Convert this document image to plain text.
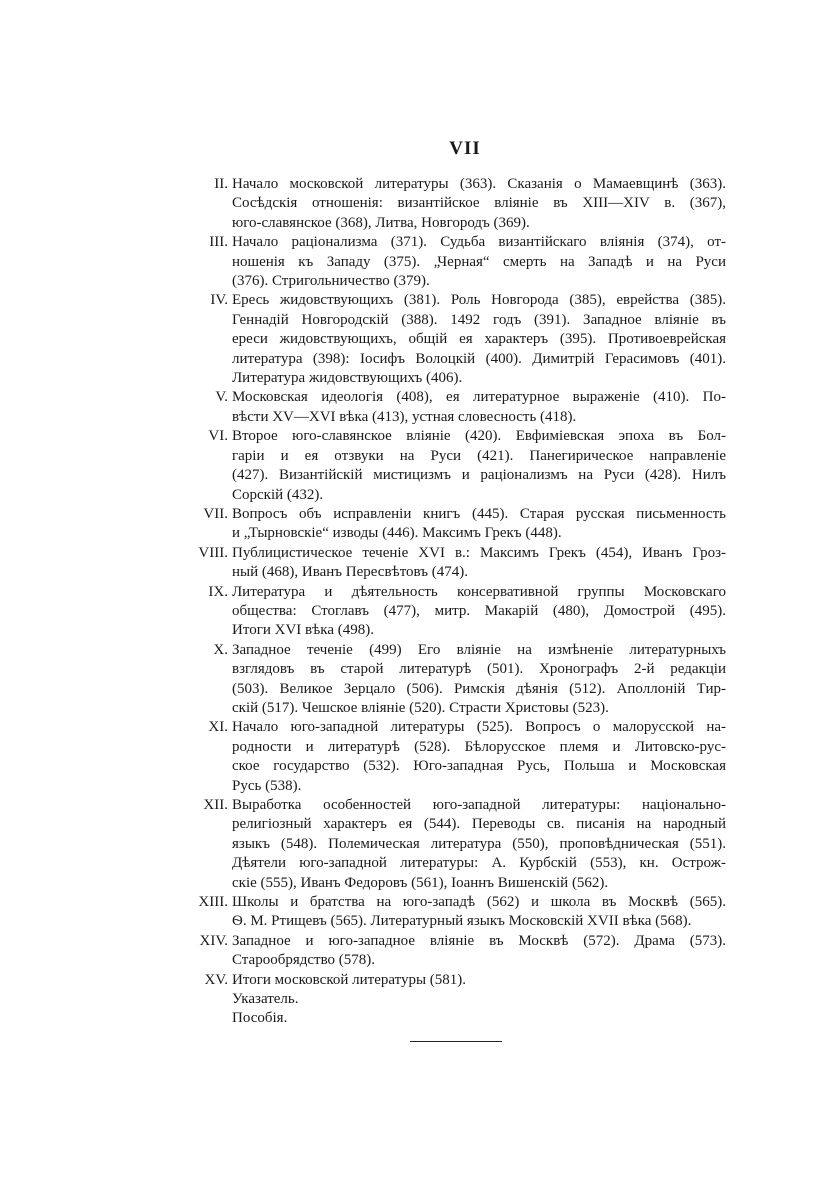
VII
II. Начало московской литературы (363). Сказанія о Мамаевщинѣ (363).
Сосѣдскія отношенія: византійское вліяніе въ XIII—XIV в. (367),
юго-славянское (368), Литва, Новгородъ (369).
III. Начало раціонализма (371). Судьба византійскаго вліянія (374), от-
ношенія къ Западу (375). „Черная“ смерть на Западѣ и на Руси
(376). Стригольничество (379).
IV. Ересь жидовствующихъ (381). Роль Новгорода (385), еврейства (385).
Геннадій Новгородскій (388). 1492 годъ (391). Западное вліяніе въ
ереси жидовствующихъ, общій ея характеръ (395). Противоеврейская
литература (398): Іосифъ Волоцкій (400). Димитрій Герасимовъ (401).
Литература жидовствующихъ (406).
V. Московская идеологія (408), ея литературное выраженіе (410). По-
вѣсти XV—XVI вѣка (413), устная словесность (418).
VI. Второе юго-славянское вліяніе (420). Евфиміевская эпоха въ Бол-
гаріи и ея отзвуки на Руси (421). Панегирическое направленіе
(427). Византійскій мистицизмъ и раціонализмъ на Руси (428). Нилъ
Сорскій (432).
VII. Вопросъ объ исправленіи книгъ (445). Старая русская письменность
и „Тырновскіе“ изводы (446). Максимъ Грекъ (448).
VIII. Публицистическое теченіе XVI в.: Максимъ Грекъ (454), Иванъ Гроз-
ный (468), Иванъ Пересвѣтовъ (474).
IX. Литература и дѣятельность консервативной группы Московскаго
общества: Стоглавъ (477), митр. Макарій (480), Домострой (495).
Итоги XVI вѣка (498).
X. Западное теченіе (499) Его вліяніе на измѣненіе литературныхъ
взглядовъ въ старой литературѣ (501). Хронографъ 2-й редакціи
(503). Великое Зерцало (506). Римскія дѣянія (512). Аполлоній Тир-
скій (517). Чешское вліяніе (520). Страсти Христовы (523).
XI. Начало юго-западной литературы (525). Вопросъ о малорусской на-
родности и литературѣ (528). Бѣлорусское племя и Литовско-рус-
ское государство (532). Юго-западная Русь, Польша и Московская
Русь (538).
XII. Выработка особенностей юго-западной литературы: національно-
религіозный характеръ ея (544). Переводы св. писанія на народный
языкъ (548). Полемическая литература (550), проповѣдническая (551).
Дѣятели юго-западной литературы: А. Курбскій (553), кн. Острож-
скіе (555), Иванъ Федоровъ (561), Іоаннъ Вишенскій (562).
XIII. Школы и братства на юго-западѣ (562) и школа въ Москвѣ (565).
Ѳ. М. Ртищевъ (565). Литературный языкъ Московскій XVII вѣка (568).
XIV. Западное и юго-западное вліяніе въ Москвѣ (572). Драма (573).
Старообрядство (578).
XV. Итоги московской литературы (581).
Указатель.
Пособія.
